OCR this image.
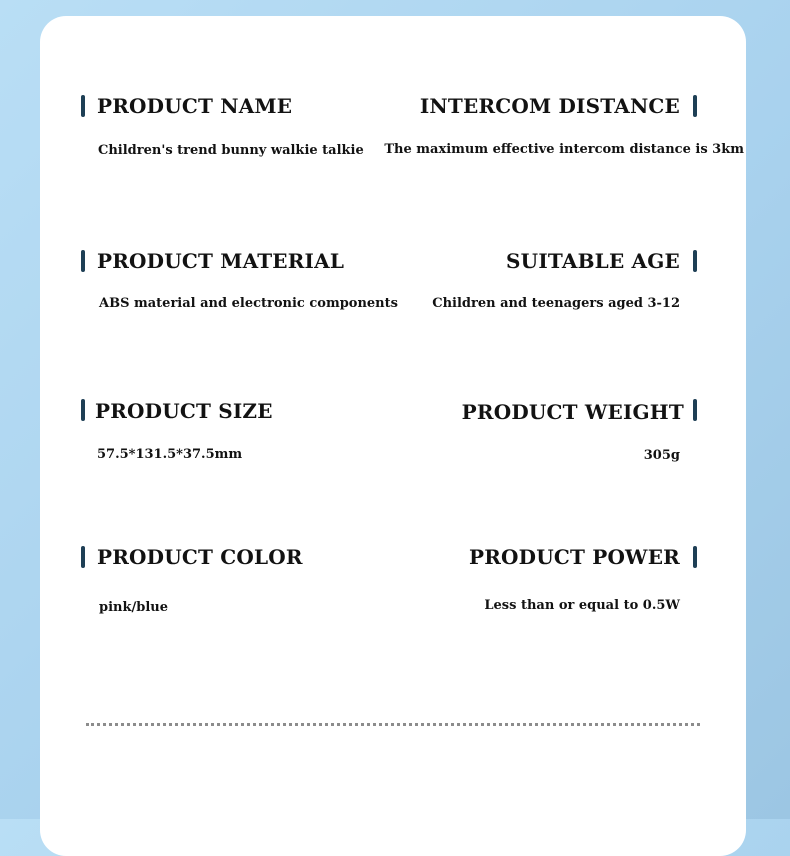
PRODUCT NAME
Children's trend bunny walkie talkie
INTERCOM DISTANCE
The maximum effective intercom distance is 3km
PRODUCT MATERIAL
ABS material and electronic components
SUITABLE AGE
Children and teenagers aged 3-12
PRODUCT SIZE
57.5*131.5*37.5mm
PRODUCT WEIGHT
305g
PRODUCT COLOR
pink/blue
PRODUCT POWER
Less than or equal to 0.5W
